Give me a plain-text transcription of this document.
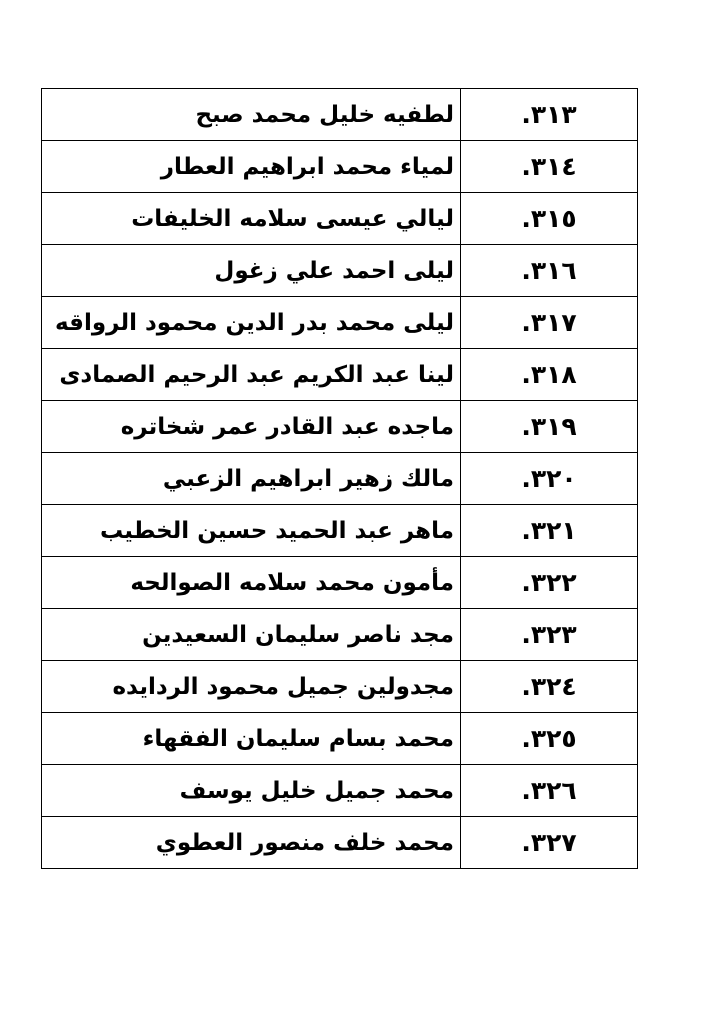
٣١٣.	لطفيه خليل محمد صبح
٣١٤.	لمياء محمد ابراهيم العطار
٣١٥.	ليالي عيسى سلامه الخليفات
٣١٦.	ليلى احمد علي زغول
٣١٧.	ليلى محمد بدر الدين محمود الرواقه
٣١٨.	لينا عبد الكريم عبد الرحيم الصمادى
٣١٩.	ماجده عبد القادر عمر شخاتره
٣٢٠.	مالك زهير ابراهيم الزعبي
٣٢١.	ماهر عبد الحميد حسين الخطيب
٣٢٢.	مأمون محمد سلامه الصوالحه
٣٢٣.	مجد ناصر سليمان السعيدين
٣٢٤.	مجدولين جميل محمود الردايده
٣٢٥.	محمد بسام سليمان الفقهاء
٣٢٦.	محمد جميل خليل يوسف
٣٢٧.	محمد خلف منصور العطوي
